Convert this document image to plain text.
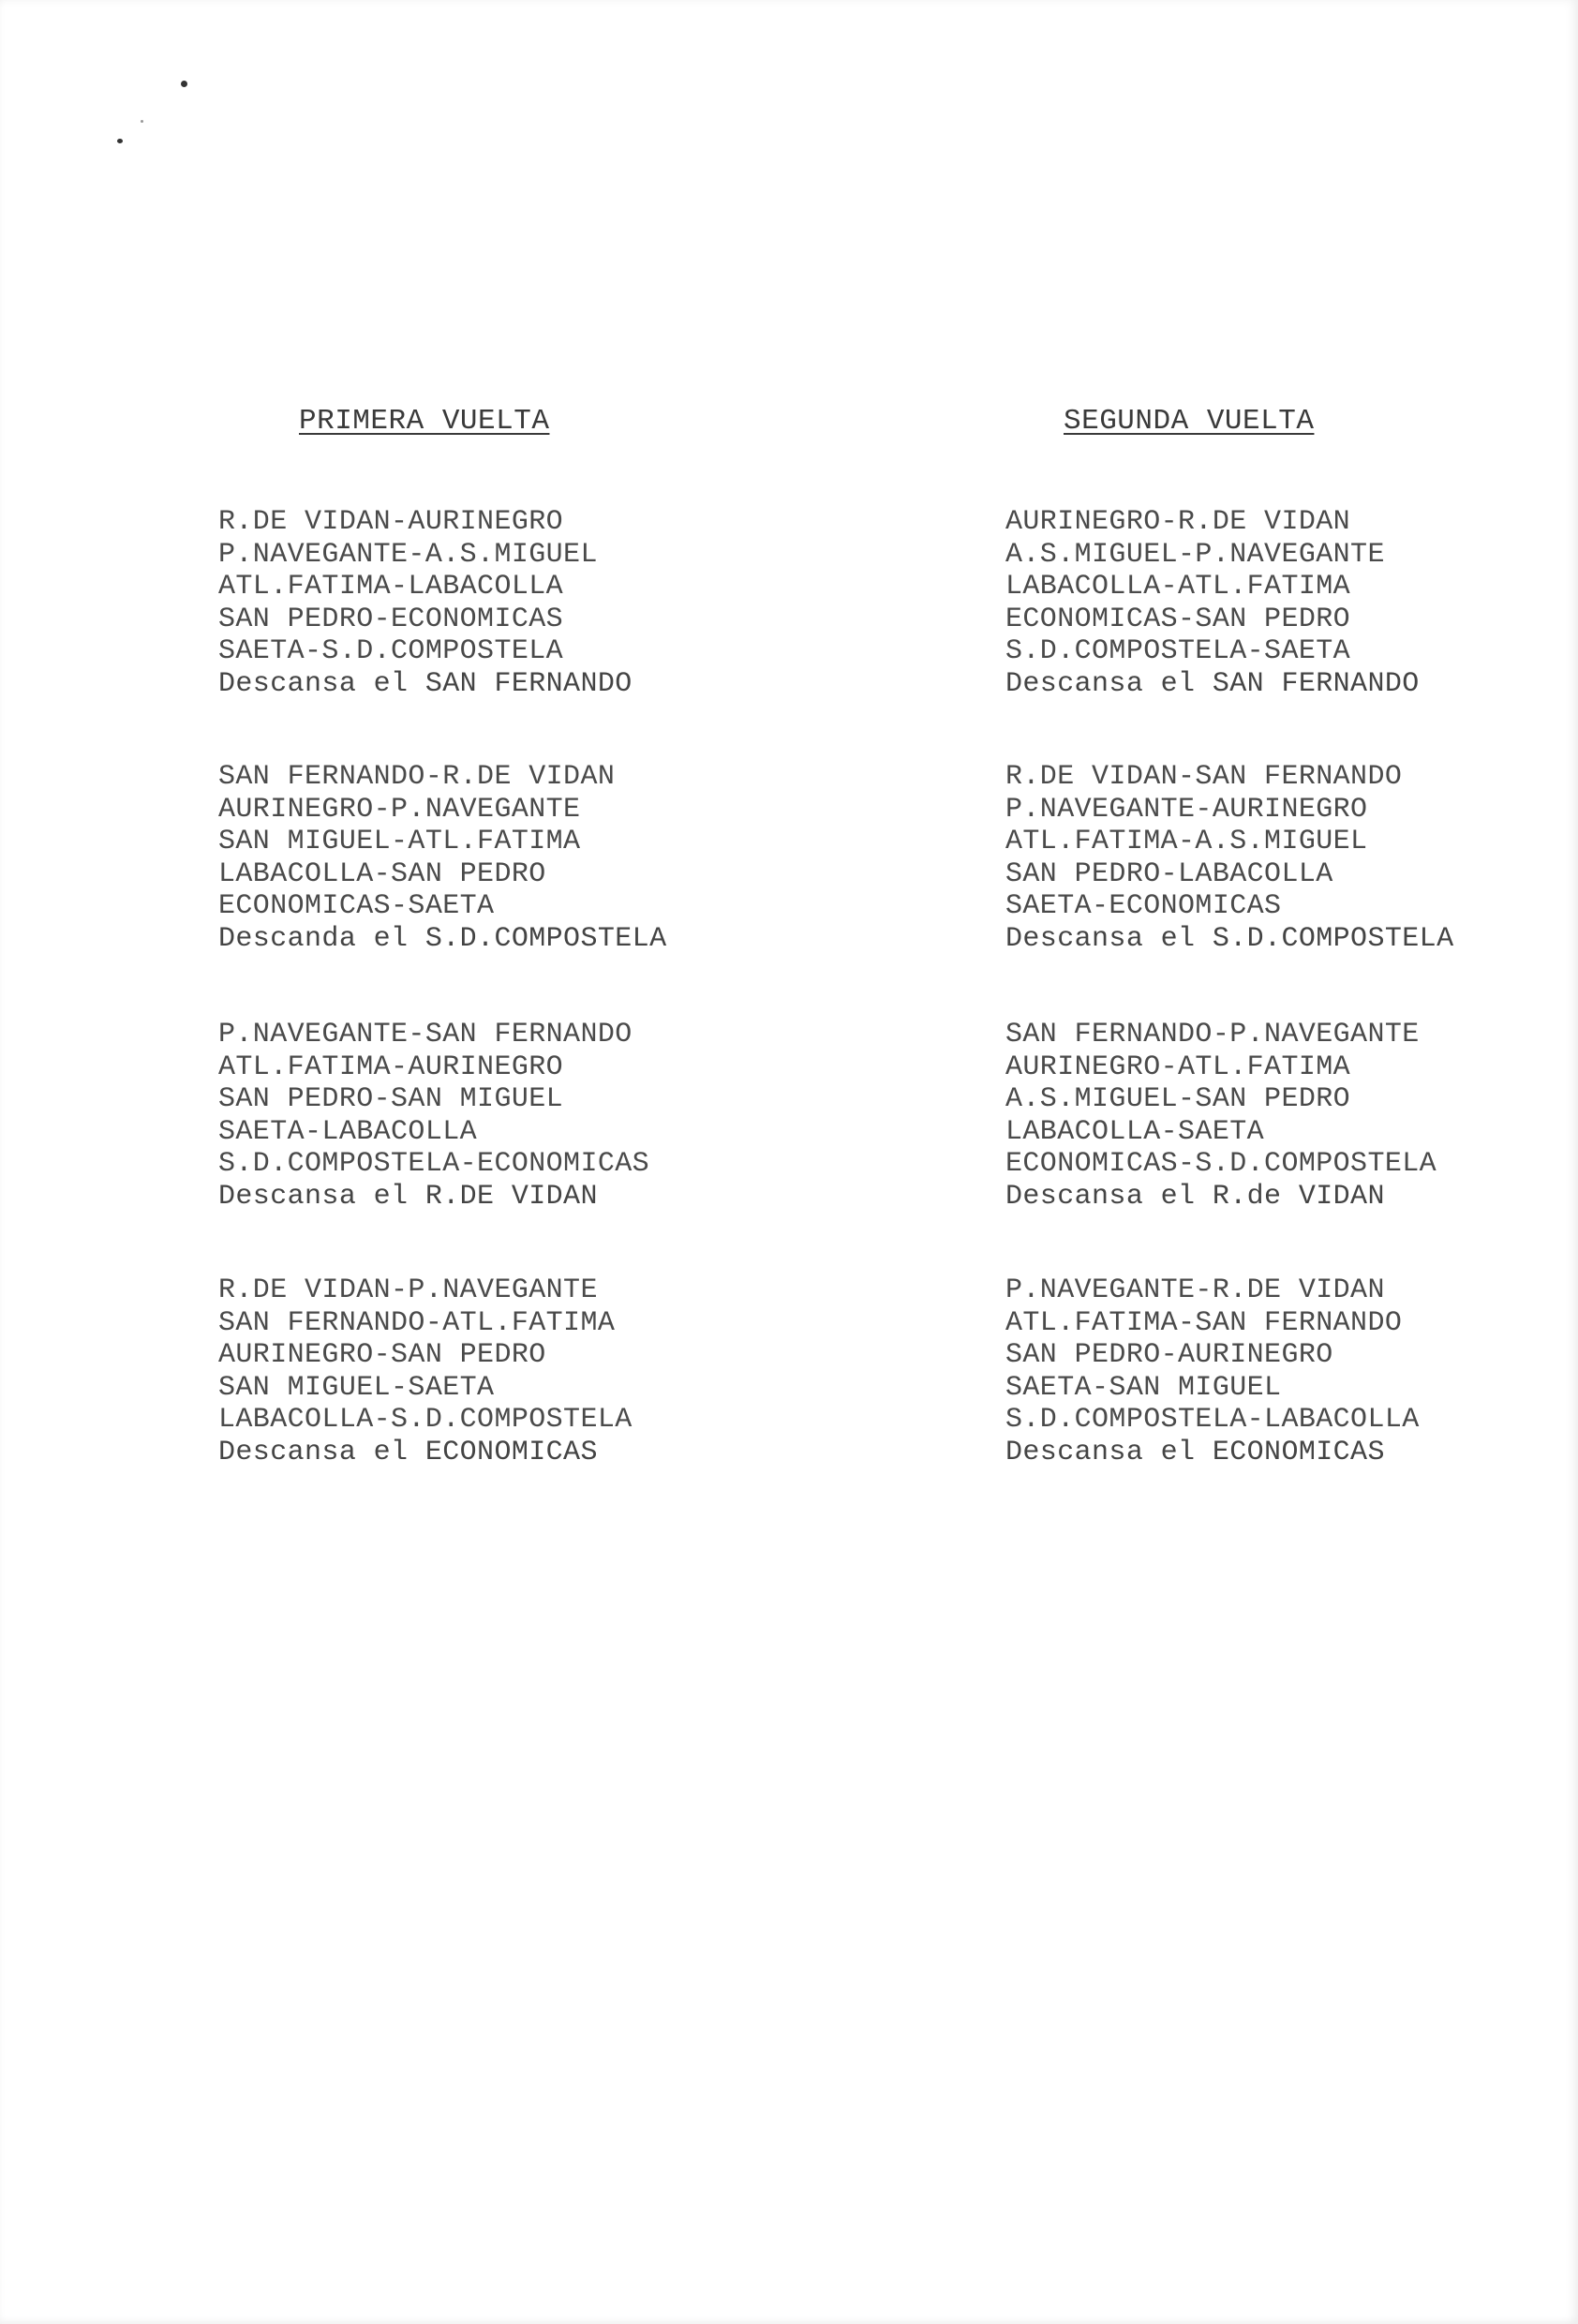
PRIMERA VUELTA
R.DE VIDAN-AURINEGRO
P.NAVEGANTE-A.S.MIGUEL
ATL.FATIMA-LABACOLLA
SAN PEDRO-ECONOMICAS
SAETA-S.D.COMPOSTELA
Descansa el SAN FERNANDO
SAN FERNANDO-R.DE VIDAN
AURINEGRO-P.NAVEGANTE
SAN MIGUEL-ATL.FATIMA
LABACOLLA-SAN PEDRO
ECONOMICAS-SAETA
Descanda el S.D.COMPOSTELA
P.NAVEGANTE-SAN FERNANDO
ATL.FATIMA-AURINEGRO
SAN PEDRO-SAN MIGUEL
SAETA-LABACOLLA
S.D.COMPOSTELA-ECONOMICAS
Descansa el R.DE VIDAN
R.DE VIDAN-P.NAVEGANTE
SAN FERNANDO-ATL.FATIMA
AURINEGRO-SAN PEDRO
SAN MIGUEL-SAETA
LABACOLLA-S.D.COMPOSTELA
Descansa el ECONOMICAS
SEGUNDA VUELTA
AURINEGRO-R.DE VIDAN
A.S.MIGUEL-P.NAVEGANTE
LABACOLLA-ATL.FATIMA
ECONOMICAS-SAN PEDRO
S.D.COMPOSTELA-SAETA
Descansa el SAN FERNANDO
R.DE VIDAN-SAN FERNANDO
P.NAVEGANTE-AURINEGRO
ATL.FATIMA-A.S.MIGUEL
SAN PEDRO-LABACOLLA
SAETA-ECONOMICAS
Descansa el S.D.COMPOSTELA
SAN FERNANDO-P.NAVEGANTE
AURINEGRO-ATL.FATIMA
A.S.MIGUEL-SAN PEDRO
LABACOLLA-SAETA
ECONOMICAS-S.D.COMPOSTELA
Descansa el R.de VIDAN
P.NAVEGANTE-R.DE VIDAN
ATL.FATIMA-SAN FERNANDO
SAN PEDRO-AURINEGRO
SAETA-SAN MIGUEL
S.D.COMPOSTELA-LABACOLLA
Descansa el ECONOMICAS
